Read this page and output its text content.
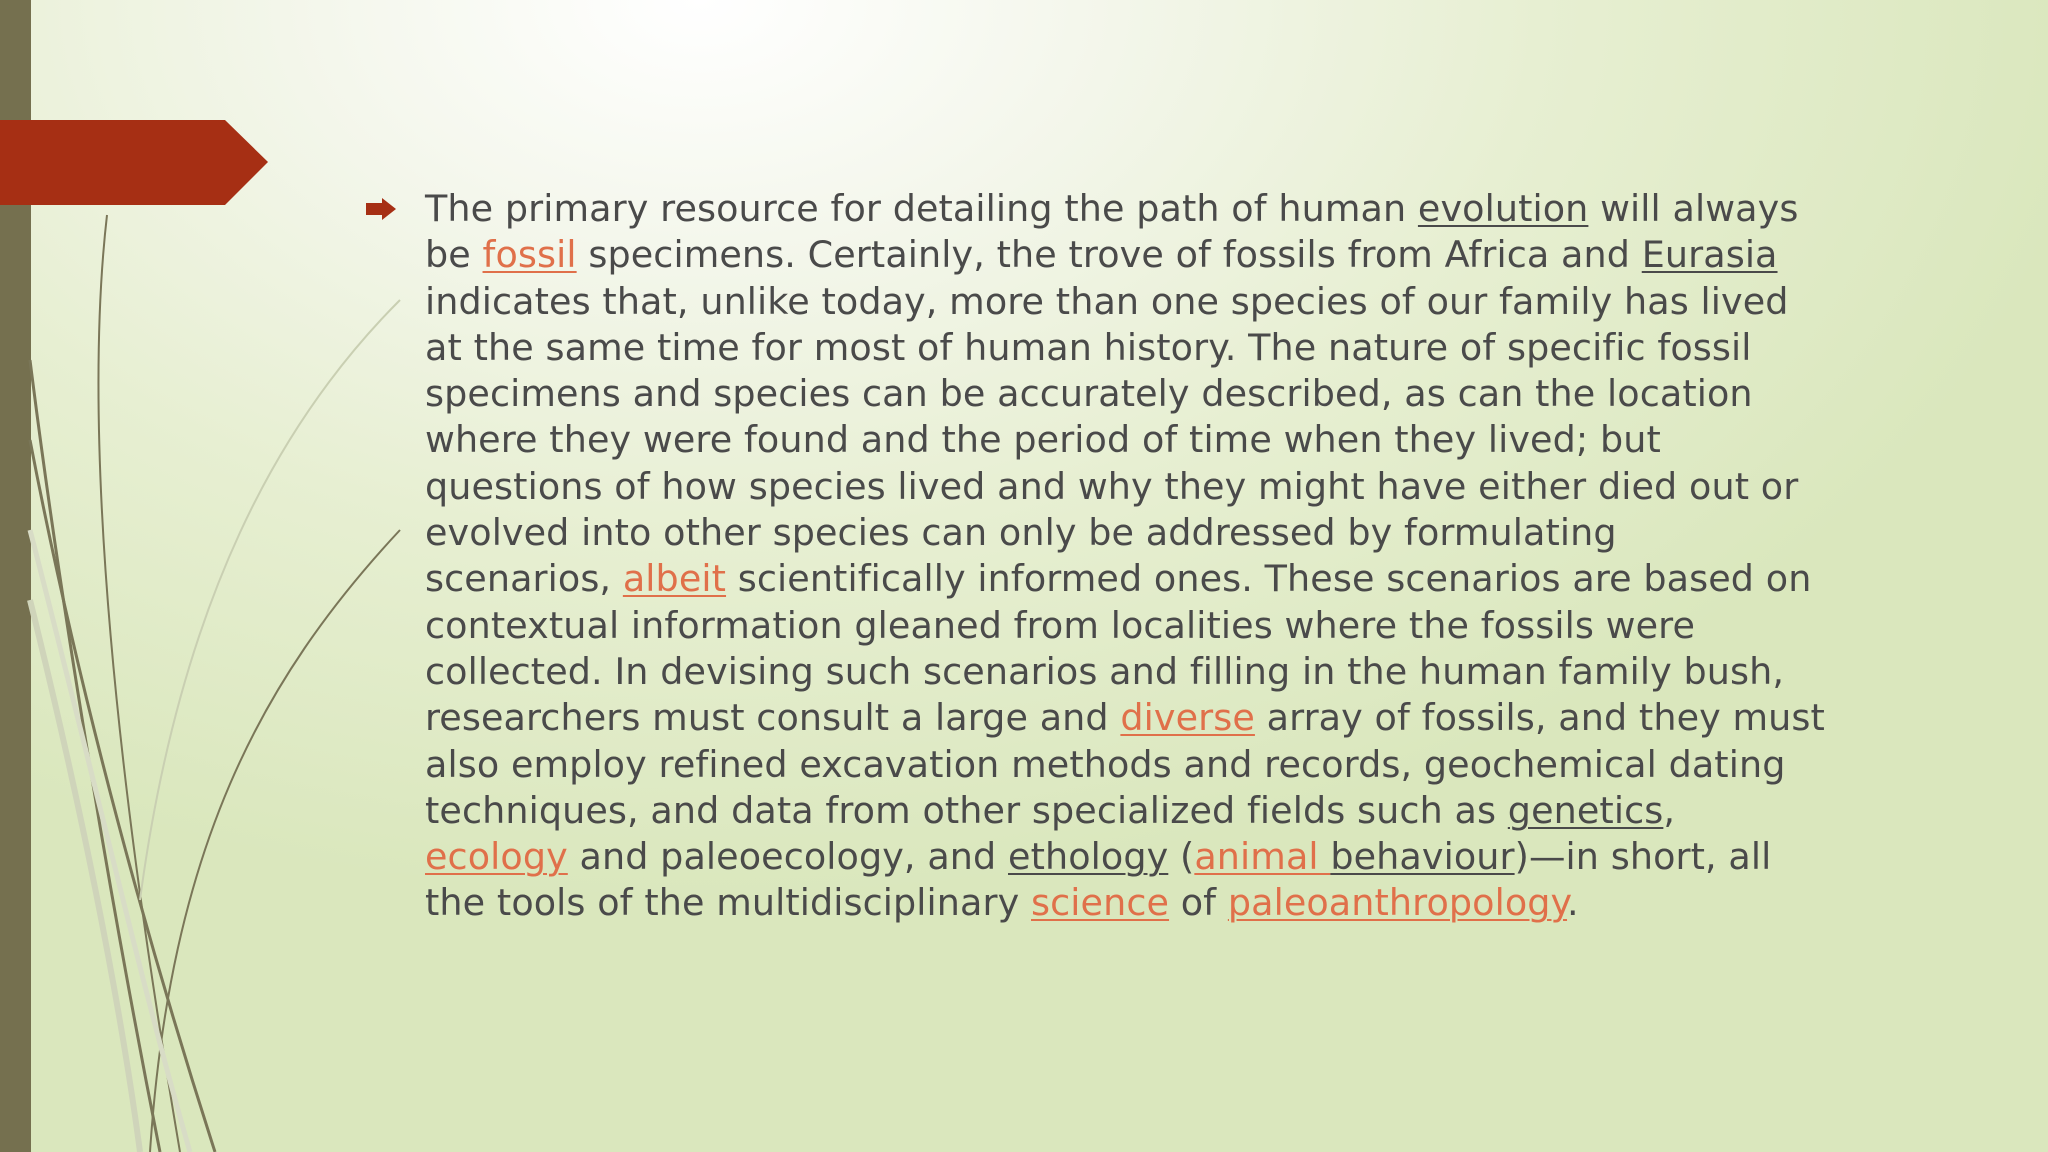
The primary resource for detailing the path of human evolution will always
be fossil specimens. Certainly, the trove of fossils from Africa and Eurasia
indicates that, unlike today, more than one species of our family has lived
at the same time for most of human history. The nature of specific fossil
specimens and species can be accurately described, as can the location
where they were found and the period of time when they lived; but
questions of how species lived and why they might have either died out or
evolved into other species can only be addressed by formulating
scenarios, albeit scientifically informed ones. These scenarios are based on
contextual information gleaned from localities where the fossils were
collected. In devising such scenarios and filling in the human family bush,
researchers must consult a large and diverse array of fossils, and they must
also employ refined excavation methods and records, geochemical dating
techniques, and data from other specialized fields such as genetics,
ecology and paleoecology, and ethology (animal behaviour)—in short, all
the tools of the multidisciplinary science of paleoanthropology.
